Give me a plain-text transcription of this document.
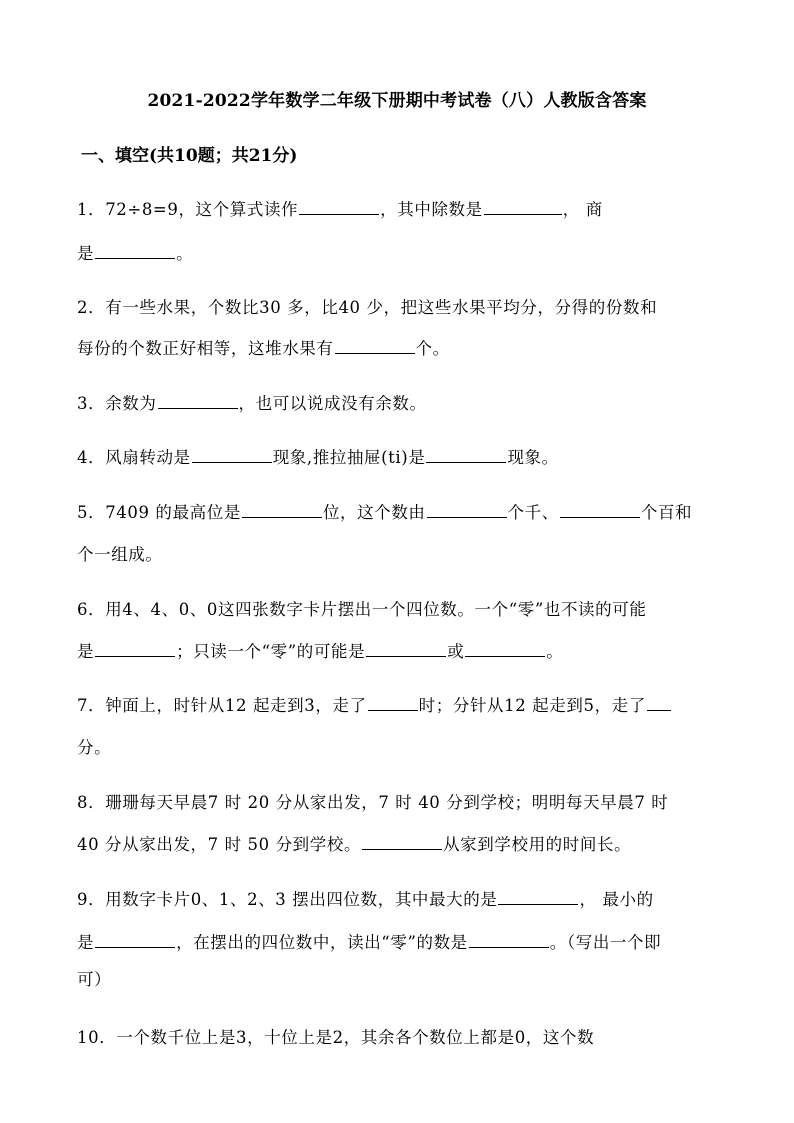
2021-2022学年数学二年级下册期中考试卷（八）人教版含答案
一、填空(共10题；共21分)
1．72÷8=9，这个算式读作	，其中除数是	， 商
是	。
2．有一些水果，个数比30 多，比40 少，把这些水果平均分，分得的份数和
每份的个数正好相等，这堆水果有	个。
3．余数为	，也可以说成没有余数。
4．风扇转动是	现象,推拉抽屉(ti)是	现象。
5．7409 的最高位是	位，这个数由	个千、	个百和
个一组成。
6．用4、4、0、0这四张数字卡片摆出一个四位数。一个“零”也不读的可能
是	；只读一个“零”的可能是	或	。
7．钟面上，时针从12 起走到3，走了	时；分针从12 起走到5，走了
分。
8．珊珊每天早晨7 时 20 分从家出发，7 时 40 分到学校；明明每天早晨7 时
40 分从家出发，7 时 50 分到学校。	从家到学校用的时间长。
9．用数字卡片0、1、2、3 摆出四位数，其中最大的是	， 最小的
是	，在摆出的四位数中，读出“零”的数是	。（写出一个即
可）
10．一个数千位上是3，十位上是2，其余各个数位上都是0，这个数
